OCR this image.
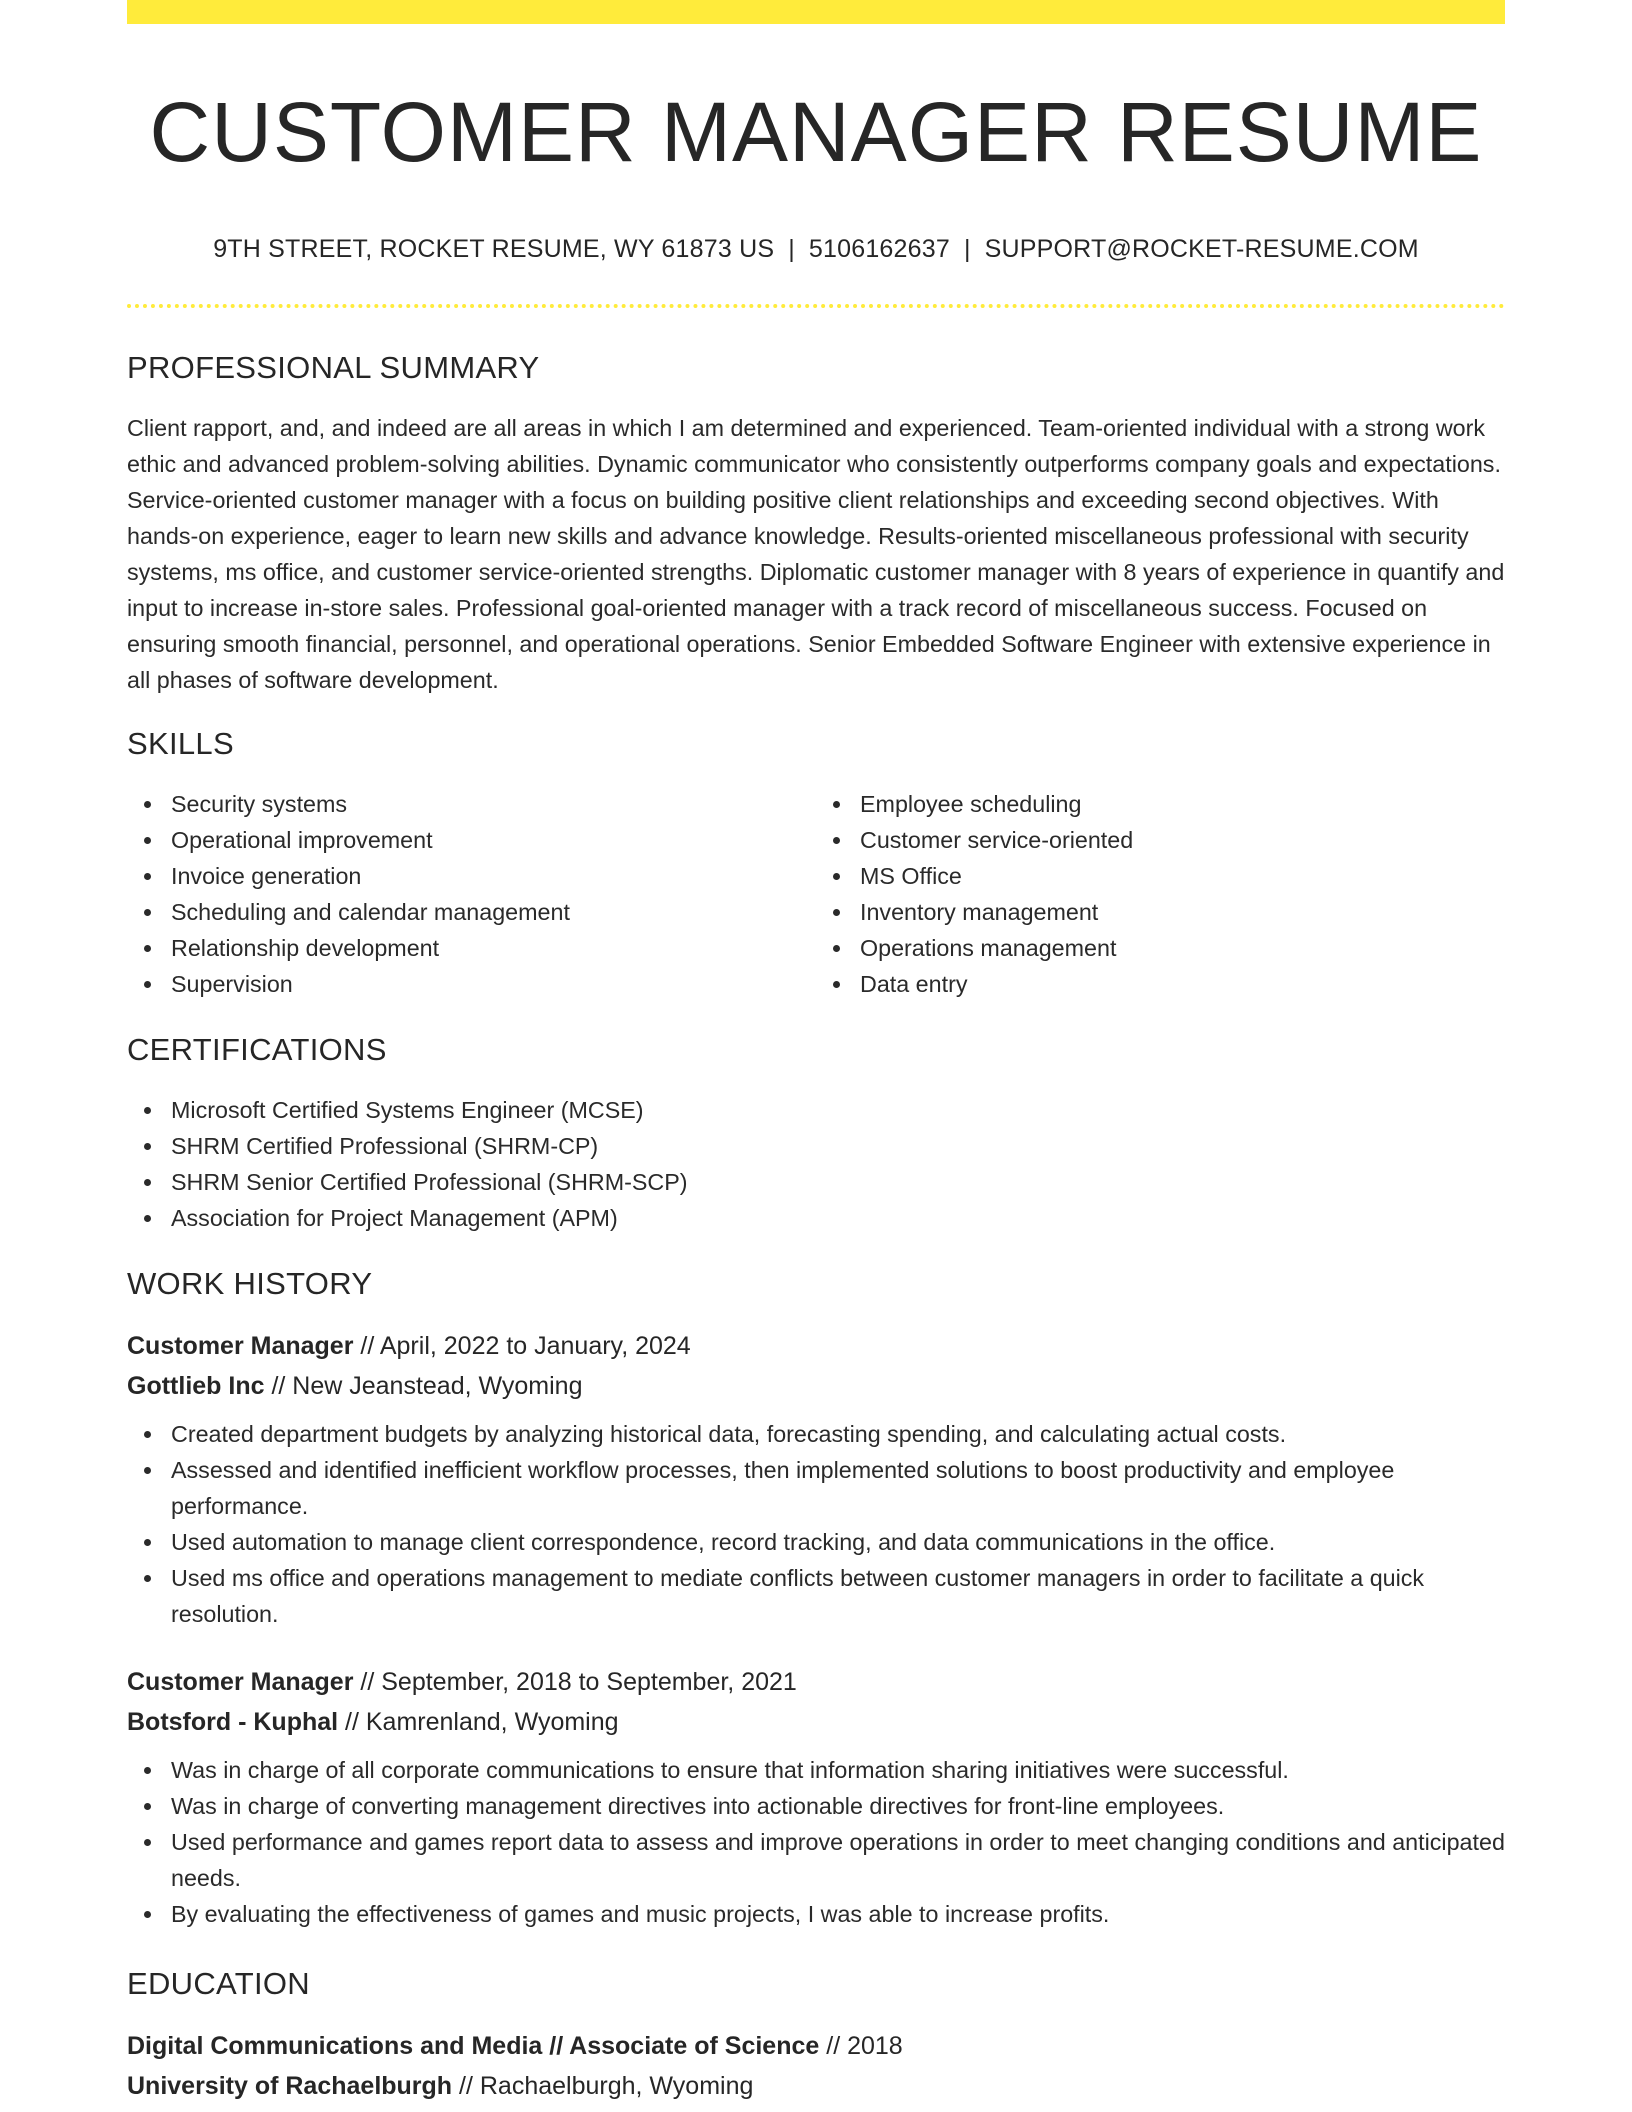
CUSTOMER MANAGER RESUME
9TH STREET, ROCKET RESUME, WY 61873 US | 5106162637 | SUPPORT@ROCKET-RESUME.COM
PROFESSIONAL SUMMARY
Client rapport, and, and indeed are all areas in which I am determined and experienced. Team-oriented individual with a strong work ethic and advanced problem-solving abilities. Dynamic communicator who consistently outperforms company goals and expectations. Service-oriented customer manager with a focus on building positive client relationships and exceeding second objectives. With hands-on experience, eager to learn new skills and advance knowledge. Results-oriented miscellaneous professional with security systems, ms office, and customer service-oriented strengths. Diplomatic customer manager with 8 years of experience in quantify and input to increase in-store sales. Professional goal-oriented manager with a track record of miscellaneous success. Focused on ensuring smooth financial, personnel, and operational operations. Senior Embedded Software Engineer with extensive experience in all phases of software development.
SKILLS
Security systems
Operational improvement
Invoice generation
Scheduling and calendar management
Relationship development
Supervision
Employee scheduling
Customer service-oriented
MS Office
Inventory management
Operations management
Data entry
CERTIFICATIONS
Microsoft Certified Systems Engineer (MCSE)
SHRM Certified Professional (SHRM-CP)
SHRM Senior Certified Professional (SHRM-SCP)
Association for Project Management (APM)
WORK HISTORY
Customer Manager // April, 2022 to January, 2024
Gottlieb Inc // New Jeanstead, Wyoming
Created department budgets by analyzing historical data, forecasting spending, and calculating actual costs.
Assessed and identified inefficient workflow processes, then implemented solutions to boost productivity and employee performance.
Used automation to manage client correspondence, record tracking, and data communications in the office.
Used ms office and operations management to mediate conflicts between customer managers in order to facilitate a quick resolution.
Customer Manager // September, 2018 to September, 2021
Botsford - Kuphal // Kamrenland, Wyoming
Was in charge of all corporate communications to ensure that information sharing initiatives were successful.
Was in charge of converting management directives into actionable directives for front-line employees.
Used performance and games report data to assess and improve operations in order to meet changing conditions and anticipated needs.
By evaluating the effectiveness of games and music projects, I was able to increase profits.
EDUCATION
Digital Communications and Media // Associate of Science // 2018
University of Rachaelburgh // Rachaelburgh, Wyoming
